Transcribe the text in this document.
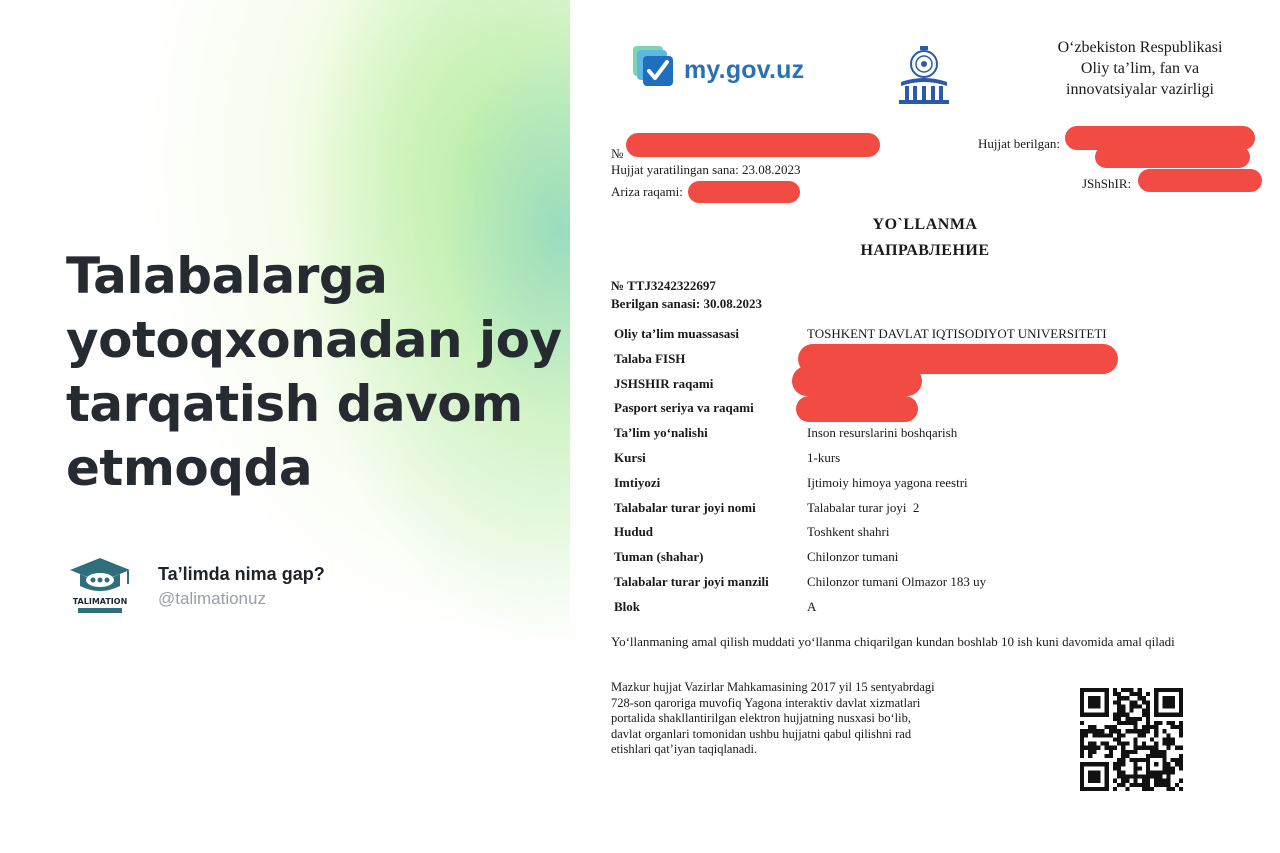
Talabalarga yotoqxonadan joy tarqatish davom etmoqda
TALIMATION
Ta’limda nima gap?
@talimationuz
my.gov.uz
O‘zbekiston Respublikasi
Oliy ta’lim, fan va
innovatsiyalar vazirligi
№
Hujjat yaratilingan sana: 23.08.2023
Ariza raqami:
Hujjat berilgan:
JShShIR:
YO`LLANMA
НАПРАВЛЕНИЕ
№ TTJ3242322697
Berilgan sanasi: 30.08.2023
Oliy ta’lim muassasasi	TOSHKENT DAVLAT IQTISODIYOT UNIVERSITETI
Talaba FISH
JSHSHIR raqami
Pasport seriya va raqami
Ta’lim yo‘nalishi	Inson resurslarini boshqarish
Kursi	1-kurs
Imtiyozi	Ijtimoiy himoya yagona reestri
Talabalar turar joyi nomi	Talabalar turar joyi  2
Hudud	Toshkent shahri
Tuman (shahar)	Chilonzor tumani
Talabalar turar joyi manzili	Chilonzor tumani Olmazor 183 uy
Blok	A
Yo‘llanmaning amal qilish muddati yo‘llanma chiqarilgan kundan boshlab 10 ish kuni davomida amal qiladi
Mazkur hujjat Vazirlar Mahkamasining 2017 yil 15 sentyabrdagi
728-son qaroriga muvofiq Yagona interaktiv davlat xizmatlari
portalida shakllantirilgan elektron hujjatning nusxasi bo‘lib,
davlat organlari tomonidan ushbu hujjatni qabul qilishni rad
etishlari qat’iyan taqiqlanadi.
